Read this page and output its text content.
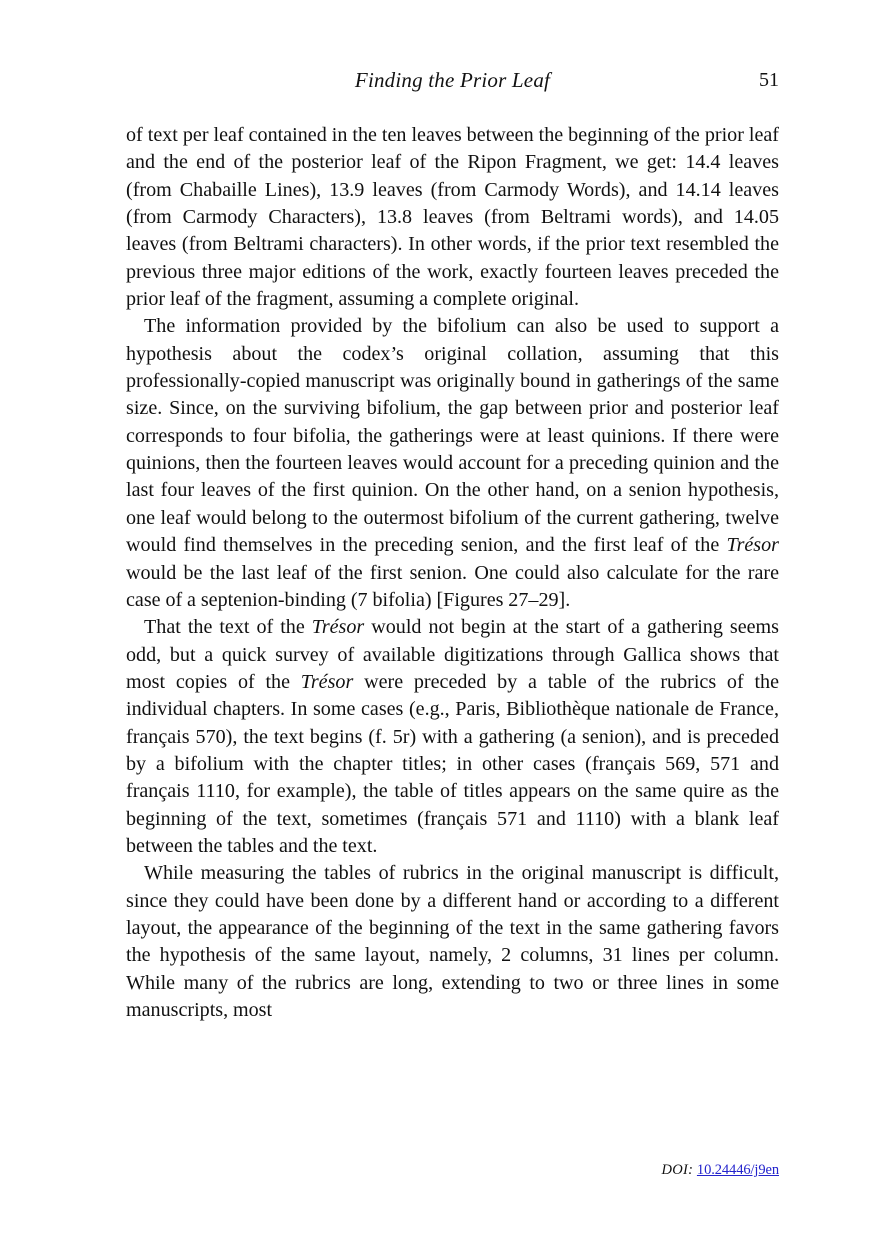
Finding the Prior Leaf	51

of text per leaf contained in the ten leaves between the beginning of the prior leaf and the end of the posterior leaf of the Ripon Fragment, we get: 14.4 leaves (from Chabaille Lines), 13.9 leaves (from Carmody Words), and 14.14 leaves (from Carmody Characters), 13.8 leaves (from Beltrami words), and 14.05 leaves (from Beltrami characters). In other words, if the prior text resembled the previous three major editions of the work, exactly fourteen leaves preceded the prior leaf of the fragment, assuming a complete original.

The information provided by the bifolium can also be used to support a hypothesis about the codex’s original collation, assuming that this professionally-copied manuscript was originally bound in gatherings of the same size. Since, on the surviving bifolium, the gap between prior and posterior leaf corresponds to four bifolia, the gatherings were at least quinions. If there were quinions, then the fourteen leaves would account for a preceding quinion and the last four leaves of the first quinion. On the other hand, on a senion hypothesis, one leaf would belong to the outermost bifolium of the current gathering, twelve would find themselves in the preceding senion, and the first leaf of the Trésor would be the last leaf of the first senion. One could also calculate for the rare case of a septenion-binding (7 bifolia) [Figures 27–29].

That the text of the Trésor would not begin at the start of a gathering seems odd, but a quick survey of available digitizations through Gallica shows that most copies of the Trésor were preceded by a table of the rubrics of the individual chapters. In some cases (e.g., Paris, Bibliothèque nationale de France, français 570), the text begins (f. 5r) with a gathering (a senion), and is preceded by a bifolium with the chapter titles; in other cases (français 569, 571 and français 1110, for example), the table of titles appears on the same quire as the beginning of the text, sometimes (français 571 and 1110) with a blank leaf between the tables and the text.

While measuring the tables of rubrics in the original manuscript is difficult, since they could have been done by a different hand or according to a different layout, the appearance of the beginning of the text in the same gathering favors the hypothesis of the same layout, namely, 2 columns, 31 lines per column. While many of the rubrics are long, extending to two or three lines in some manuscripts, most

DOI: 10.24446/j9en
